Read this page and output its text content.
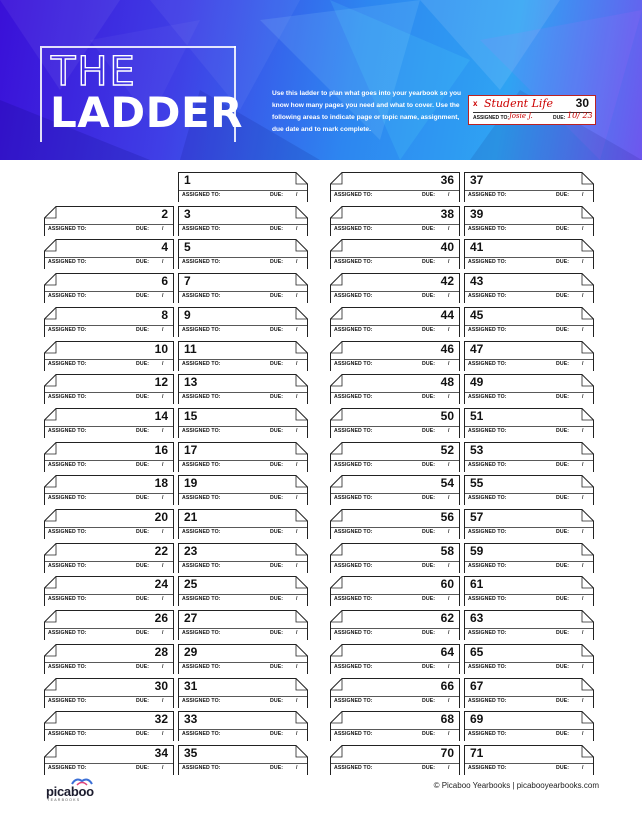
THE
LADDER	Use this ladder to plan what goes into your yearbook so you know how many pages you need and what to cover. Use the following areas to indicate page or topic name, assignment, due date and to mark complete.
x Student Life 30
ASSIGNED TO: Josie J.	DUE: 10/ 23
1
ASSIGNED TO:	DUE: /
2
ASSIGNED TO:	DUE: /
3
ASSIGNED TO:	DUE: /
4
ASSIGNED TO:	DUE: /
5
ASSIGNED TO:	DUE: /
6
ASSIGNED TO:	DUE: /
7
ASSIGNED TO:	DUE: /
8
ASSIGNED TO:	DUE: /
9
ASSIGNED TO:	DUE: /
10
ASSIGNED TO:	DUE: /
11
ASSIGNED TO:	DUE: /
12
ASSIGNED TO:	DUE: /
13
ASSIGNED TO:	DUE: /
14
ASSIGNED TO:	DUE: /
15
ASSIGNED TO:	DUE: /
16
ASSIGNED TO:	DUE: /
17
ASSIGNED TO:	DUE: /
18
ASSIGNED TO:	DUE: /
19
ASSIGNED TO:	DUE: /
20
ASSIGNED TO:	DUE: /
21
ASSIGNED TO:	DUE: /
22
ASSIGNED TO:	DUE: /
23
ASSIGNED TO:	DUE: /
24
ASSIGNED TO:	DUE: /
25
ASSIGNED TO:	DUE: /
26
ASSIGNED TO:	DUE: /
27
ASSIGNED TO:	DUE: /
28
ASSIGNED TO:	DUE: /
29
ASSIGNED TO:	DUE: /
30
ASSIGNED TO:	DUE: /
31
ASSIGNED TO:	DUE: /
32
ASSIGNED TO:	DUE: /
33
ASSIGNED TO:	DUE: /
34
ASSIGNED TO:	DUE: /
35
ASSIGNED TO:	DUE: /
36
ASSIGNED TO:	DUE: /
37
ASSIGNED TO:	DUE: /
38
ASSIGNED TO:	DUE: /
39
ASSIGNED TO:	DUE: /
40
ASSIGNED TO:	DUE: /
41
ASSIGNED TO:	DUE: /
42
ASSIGNED TO:	DUE: /
43
ASSIGNED TO:	DUE: /
44
ASSIGNED TO:	DUE: /
45
ASSIGNED TO:	DUE: /
46
ASSIGNED TO:	DUE: /
47
ASSIGNED TO:	DUE: /
48
ASSIGNED TO:	DUE: /
49
ASSIGNED TO:	DUE: /
50
ASSIGNED TO:	DUE: /
51
ASSIGNED TO:	DUE: /
52
ASSIGNED TO:	DUE: /
53
ASSIGNED TO:	DUE: /
54
ASSIGNED TO:	DUE: /
55
ASSIGNED TO:	DUE: /
56
ASSIGNED TO:	DUE: /
57
ASSIGNED TO:	DUE: /
58
ASSIGNED TO:	DUE: /
59
ASSIGNED TO:	DUE: /
60
ASSIGNED TO:	DUE: /
61
ASSIGNED TO:	DUE: /
62
ASSIGNED TO:	DUE: /
63
ASSIGNED TO:	DUE: /
64
ASSIGNED TO:	DUE: /
65
ASSIGNED TO:	DUE: /
66
ASSIGNED TO:	DUE: /
67
ASSIGNED TO:	DUE: /
68
ASSIGNED TO:	DUE: /
69
ASSIGNED TO:	DUE: /
70
ASSIGNED TO:	DUE: /
71
ASSIGNED TO:	DUE: /
picaboo
YEARBOOKS
© Picaboo Yearbooks | picabooyearbooks.com
